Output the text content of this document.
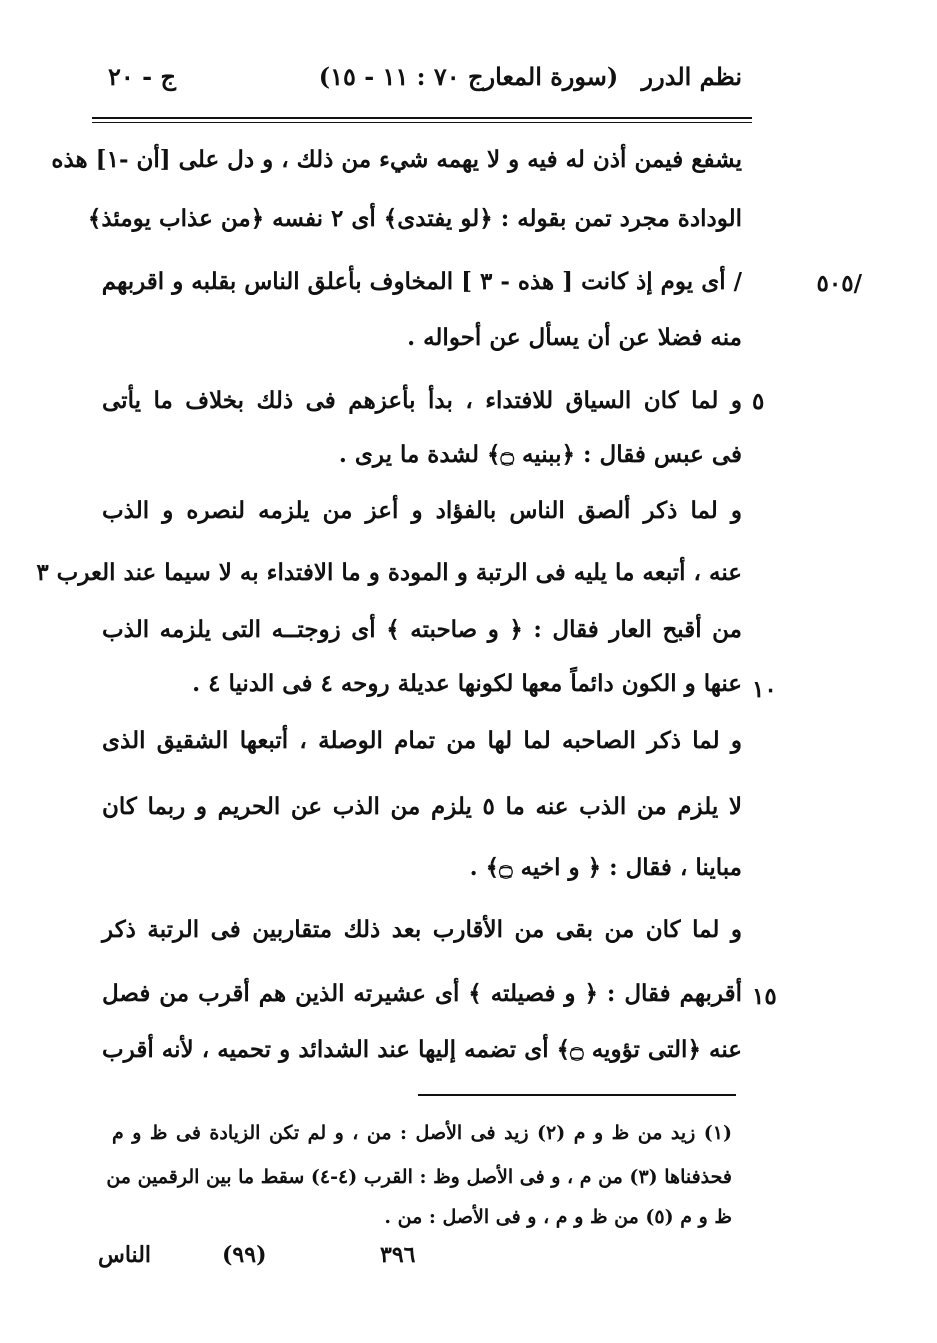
نظم الدرر
(سورة المعارج ٧٠ : ١١ - ١٥)
ج - ٢٠
/٥٠٥
٥
١٠
١٥
يشفع فيمن أذن له فيه و لا يهمه شيء من ذلك ، و دل على [أن -١] هذه
الودادة مجرد تمن بقوله : ﴿لو يفتدى﴾ أى ٢ نفسه ﴿من عذاب يومئذ﴾
/ أى يوم إذ كانت [ هذه - ٣ ] المخاوف بأعلق الناس بقلبه و اقربهم
منه فضلا عن أن يسأل عن أحواله .
و لما كان السياق للافتداء ، بدأ بأعزهم فى ذلك بخلاف ما يأتى
فى عبس فقال : ﴿ببنيه ۝﴾ لشدة ما يرى .
و لما ذكر ألصق الناس بالفؤاد و أعز من يلزمه لنصره و الذب
عنه ، أتبعه ما يليه فى الرتبة و المودة و ما الافتداء به لا سيما عند العرب ٣
من أقبح العار فقال : ﴿ و صاحبته ﴾ أى زوجتــه التى يلزمه الذب
عنها و الكون دائماً معها لكونها عديلة روحه ٤ فى الدنيا ٤ .
و لما ذكر الصاحبه لما لها من تمام الوصلة ، أتبعها الشقيق الذى
لا يلزم من الذب عنه ما ٥ يلزم من الذب عن الحريم و ربما كان
مباينا ، فقال : ﴿ و اخيه ۝﴾ .
و لما كان من بقى من الأقارب بعد ذلك متقاربين فى الرتبة ذكر
أقربهم فقال : ﴿ و فصيلته ﴾ أى عشيرته الذين هم أقرب من فصل
عنه ﴿التى تؤويه ۝﴾ أى تضمه إليها عند الشدائد و تحميه ، لأنه أقرب
(١) زيد من ظ و م (٢) زيد فى الأصل : من ، و لم تكن الزيادة فى ظ و م
فحذفناها (٣) من م ، و فى الأصل وظ : القرب (٤-٤) سقط ما بين الرقمين من
ظ و م (٥) من ظ و م ، و فى الأصل : من .
الناس	(٩٩)	٣٩٦
